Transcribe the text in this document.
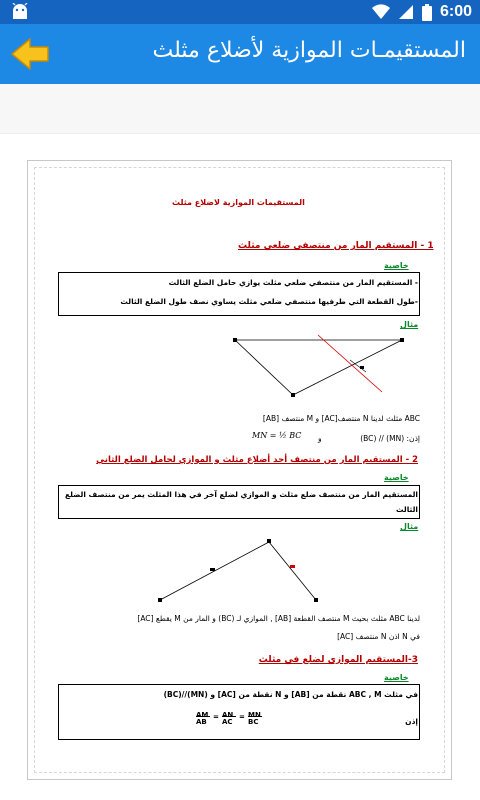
6:00
المستقيمـات الموازية لأضلاع مثلث
المستقيمات الموازية لاضلاع مثلث
1 - المستقيم المار من منتصفي ضلعي مثلث
خاصية
- المستقيم المار من منتصفي ضلعي مثلث يوازي حامل الضلع الثالث
-طول القطعة التي طرفيها منتصفي ضلعي مثلث يساوي نصف طول الضلع الثالث
مثال
ABC مثلث لدينا N منتصف[AC] و M منتصف [AB]
إذن: (MN) // (BC)
و
MN = ½ BC
2 - المستقيم المار من منتصف أحد أضلاع مثلث و الموازي لحامل الضلع الثاني
خاصية
المستقيم المار من منتصف ضلع مثلث و الموازي لضلع آخر في هذا المثلث يمر من منتصف الضلع
الثالث
مثال
لدينا ABC مثلث بحيث M منتصف القطعة [AB] , الموازي لـ (BC) و المار من M يقطع [AC]
في N اذن N منتصف [AC]
3-المستقيم الموازي لضلع في مثلث
خاصية
في مثلث ABC , M نقطة من [AB] و N نقطة من [AC] و (MN)//(BC)
إذن
AM
AB
= AN
AC
= MN
BC
